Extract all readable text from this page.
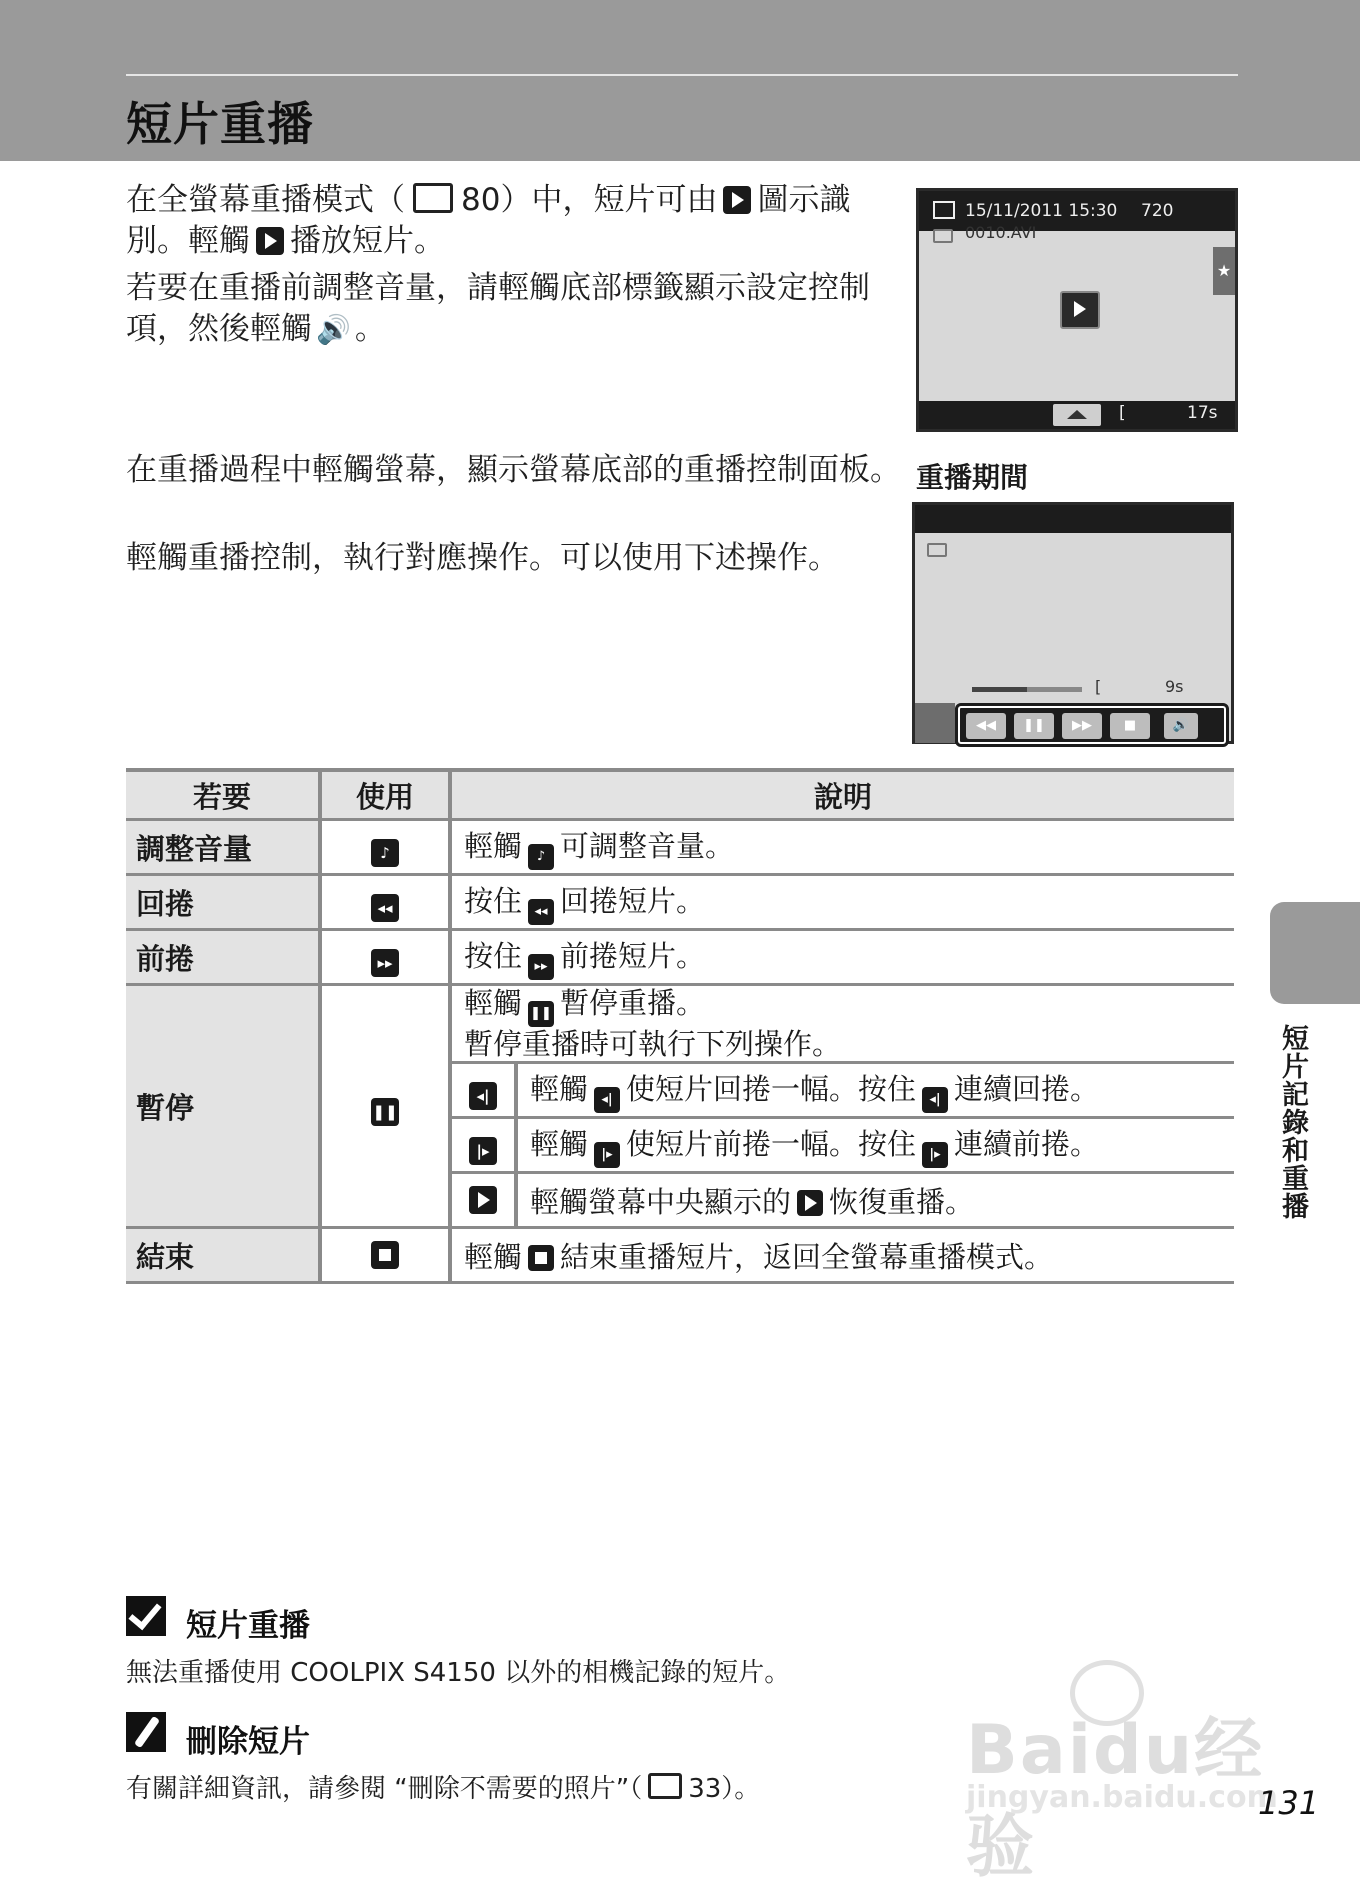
短片重播

在全螢幕重播模式（ 80）中，短片可由 圖示識別。輕觸 播放短片。

若要在重播前調整音量，請輕觸底部標籤顯示設定控制項，然後輕觸 🔊 。

15/11/2011 15:30 720
0010.AVI
★
[	17s

在重播過程中輕觸螢幕，顯示螢幕底部的重播控制面板。

輕觸重播控制，執行對應操作。可以使用下述操作。

重播期間

[	9s
◀◀	❚❚	▶▶	■	🔊
若要	使用	說明	
調整音量	♪	輕觸 ♪ 可調整音量。	
回捲	◂◂	按住 ◂◂ 回捲短片。	
前捲	▸▸	按住 ▸▸ 前捲短片。	
暫停	❚❚	輕觸 ❚❚ 暫停重播。
暫停重播時可執行下列操作。	
		◂|	輕觸 ◂| 使短片回捲一幅。按住 ◂| 連續回捲。
		|▸	輕觸 |▸ 使短片前捲一幅。按住 |▸ 連續前捲。

			輕觸螢幕中央顯示的 恢復重播。
結束		輕觸 結束重播短片，返回全螢幕重播模式。	

短片記錄和重播

短片重播

無法重播使用 COOLPIX S4150 以外的相機記錄的短片。

刪除短片

有關詳細資訊，請參閱 “刪除不需要的照片”（ 33）。	Baidu经验
jingyan.baidu.com

131
